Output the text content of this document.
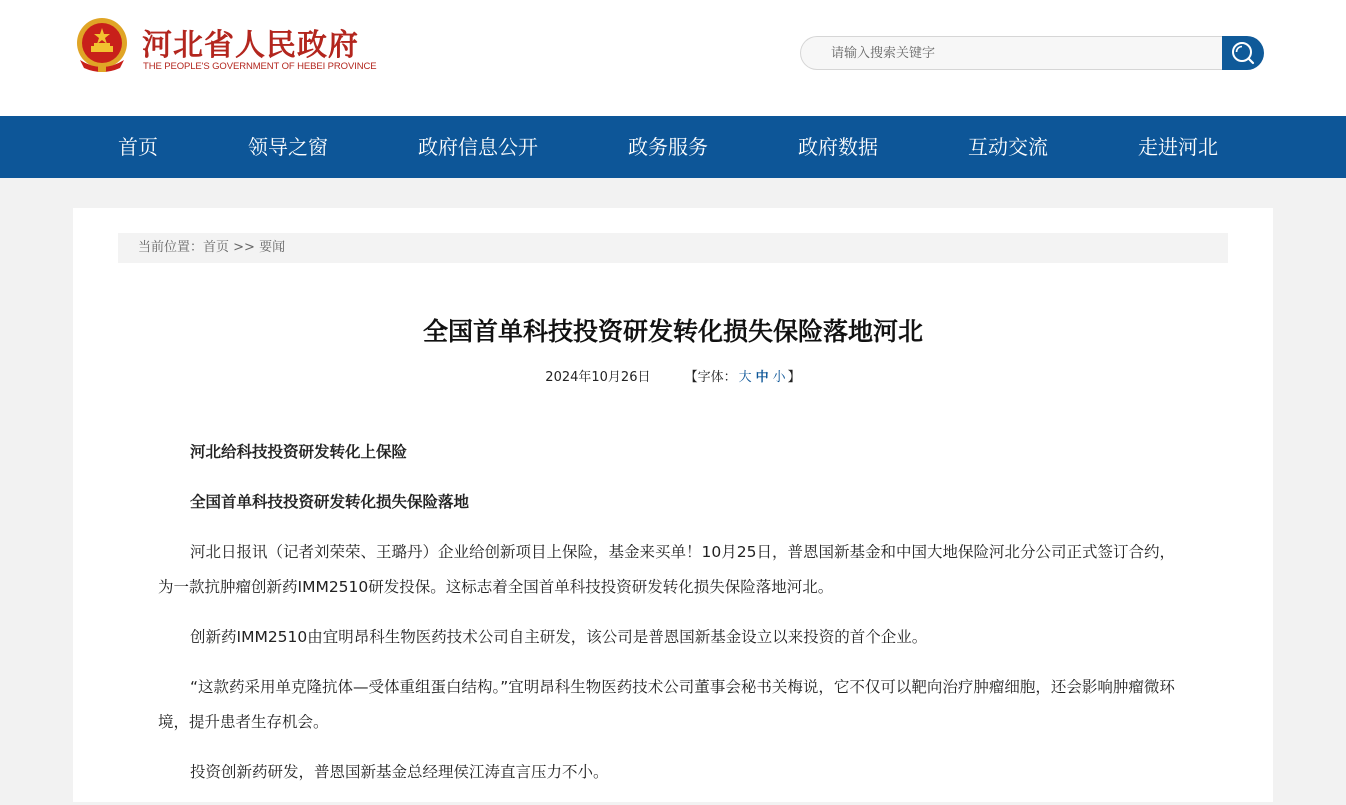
河北省人民政府
THE PEOPLE'S GOVERNMENT OF HEBEI PROVINCE
请输入搜索关键字
首页	领导之窗	政府信息公开	政务服务	政府数据	互动交流	走进河北
当前位置：首页 >> 要闻
全国首单科技投资研发转化损失保险落地河北
2024年10月26日	【字体： 大 中 小 】

河北给科技投资研发转化上保险

全国首单科技投资研发转化损失保险落地

河北日报讯（记者刘荣荣、王璐丹）企业给创新项目上保险，基金来买单！10月25日，普恩国新基金和中国大地保险河北分公司正式签订合约，为一款抗肿瘤创新药IMM2510研发投保。这标志着全国首单科技投资研发转化损失保险落地河北。

创新药IMM2510由宜明昂科生物医药技术公司自主研发，该公司是普恩国新基金设立以来投资的首个企业。

“这款药采用单克隆抗体—受体重组蛋白结构。”宜明昂科生物医药技术公司董事会秘书关梅说，它不仅可以靶向治疗肿瘤细胞，还会影响肿瘤微环境，提升患者生存机会。

投资创新药研发，普恩国新基金总经理侯江涛直言压力不小。
